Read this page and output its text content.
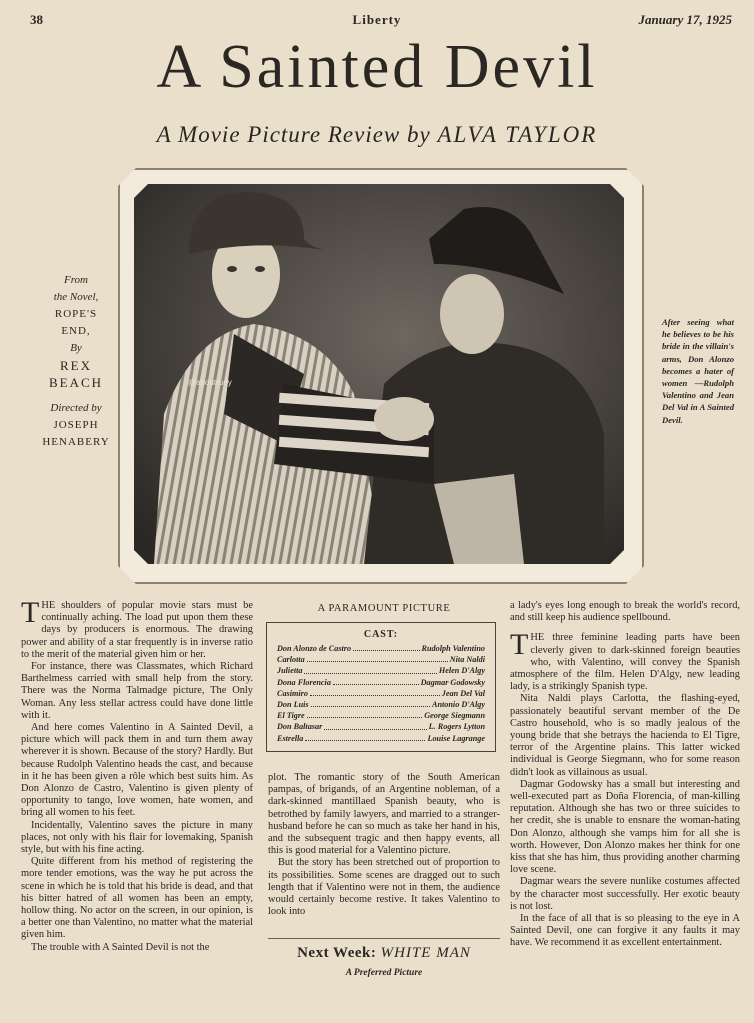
38	Liberty	January 17, 1925
A Sainted Devil
A Movie Picture Review by ALVA TAYLOR
From
the Novel,
ROPE'S
END,
By
REX
BEACH
Directed by
JOSEPH
HENABERY
@aboutrudy
After seeing what he believes to be his bride in the villain's arms, Don Alonzo becomes a hater of women —Rudolph Valentino and Jean Del Val in A Sainted Devil.

THE shoulders of popular movie stars must be continually aching. The load put upon them these days by producers is enormous. The drawing power and ability of a star frequently is in inverse ratio to the merit of the material given him or her.

For instance, there was Classmates, which Richard Barthelmess carried with small help from the story. There was the Norma Talmadge picture, The Only Woman. Any less stellar actress could have done little with it.

And here comes Valentino in A Sainted Devil, a picture which will pack them in and turn them away wherever it is shown. Because of the story? Hardly. But because Rudolph Valentino heads the cast, and because in it he has been given a rôle which best suits him. As Don Alonzo de Castro, Valentino is given plenty of opportunity to tango, love women, hate women, and bring all women to his feet.

Incidentally, Valentino saves the picture in many places, not only with his flair for lovemaking, Spanish style, but with his fine acting.

Quite different from his method of registering the more tender emotions, was the way he put across the scene in which he is told that his bride is dead, and that his bitter hatred of all women has been an empty, hollow thing. No actor on the screen, in our opinion, is a better one than Valentino, no matter what the material given him.

The trouble with A Sainted Devil is not the

A PARAMOUNT PICTURE
CAST:
Don Alonzo de Castro	Rudolph Valentino
Carlotta	Nita Naldi
Julietta	Helen D'Algy
Dona Florencia	Dagmar Godowsky
Casimiro	Jean Del Val
Don Luis	Antonio D'Algy
El Tigre	George Siegmann
Don Baltasar	L. Rogers Lytton
Estrella	Louise Lagrange

plot. The romantic story of the South American pampas, of brigands, of an Argentine nobleman, of a dark-skinned mantillaed Spanish beauty, who is betrothed by family lawyers, and married to a stranger-husband before he can so much as take her hand in his, and the subsequent tragic and then happy events, all this is good material for a Valentino picture.

But the story has been stretched out of proportion to its possibilities. Some scenes are dragged out to such length that if Valentino were not in them, the audience would certainly become restive. It takes Valentino to look into

Next Week: WHITE MAN
A Preferred Picture

a lady's eyes long enough to break the world's record, and still keep his audience spellbound.

THE three feminine leading parts have been cleverly given to dark-skinned foreign beauties who, with Valentino, will convey the Spanish atmosphere of the film. Helen D'Algy, new leading lady, is a strikingly Spanish type.

Nita Naldi plays Carlotta, the flashing-eyed, passionately beautiful servant member of the De Castro household, who is so madly jealous of the young bride that she betrays the hacienda to El Tigre, terror of the Argentine plains. This latter wicked individual is George Siegmann, who for some reason didn't look as villainous as usual.

Dagmar Godowsky has a small but interesting and well-executed part as Doña Florencia, of man-killing reputation. Although she has two or three suicides to her credit, she is unable to ensnare the woman-hating Don Alonzo, although she vamps him for all she is worth. However, Don Alonzo makes her think for one kiss that she has him, thus providing another charming love scene.

Dagmar wears the severe nunlike costumes affected by the character most successfully. Her exotic beauty is not lost.

In the face of all that is so pleasing to the eye in A Sainted Devil, one can forgive it any faults it may have. We recommend it as excellent entertainment.
